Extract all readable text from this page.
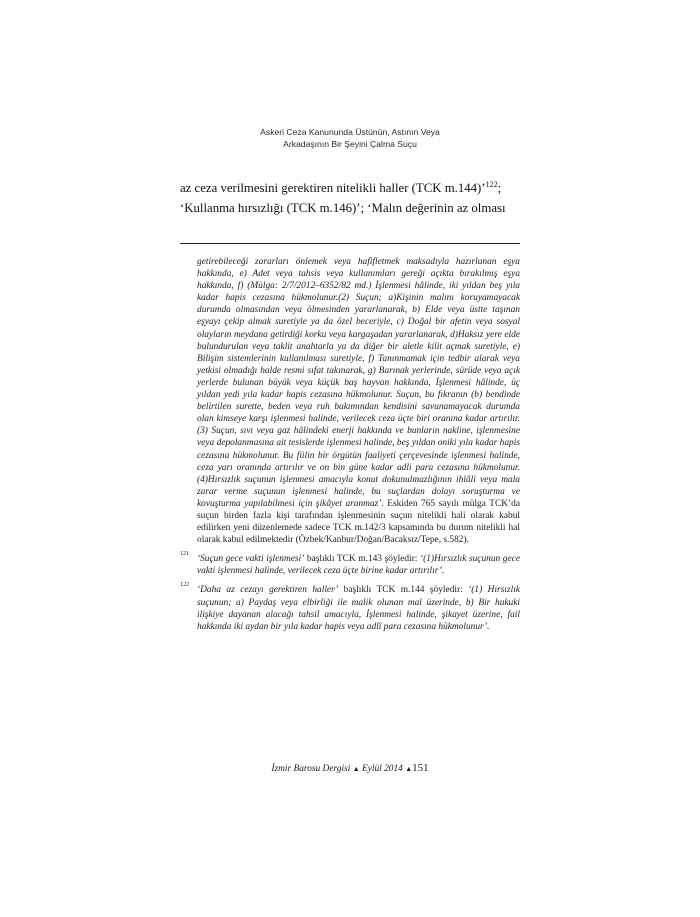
Askeri Ceza Kanununda Üstünün, Astının Veya
Arkadaşının Bir Şeyini Çalma Suçu
az ceza verilmesini gerektiren nitelikli haller (TCK m.144)’$^{122}$;
‘Kullanma hırsızlığı (TCK m.146)’; ‘Malın değerinin az olması
getirebileceği zararları önlemek veya hafifletmek maksadıyla hazırlanan eşya hakkında, e) Adet veya tahsis veya kullanımları gereği açıkta bırakılmış eşya hakkında, f) (Mülga: 2/7/2012–6352/82 md.) İşlenmesi hâlinde, iki yıldan beş yıla kadar hapis cezasına hükmolunur.(2) Suçun; a)Kişinin malını koruyamayacak durumda olmasından veya ölmesinden yararlanarak, b) Elde veya üstte taşınan eşyayı çekip almak suretiyle ya da özel beceriyle, c) Doğal bir afetin veya sosyal olayların meydana getirdiği korku veya kargaşadan yararlanarak, d)Haksız yere elde bulundurulan veya taklit anahtarla ya da diğer bir aletle kilit açmak suretiyle, e) Bilişim sistemlerinin kullanılması suretiyle, f) Tanınmamak için tedbir alarak veya yetkisi olmadığı halde resmi sıfat takınarak, g) Barınak yerlerinde, sürüde veya açık yerlerde bulunan büyük veya küçük baş hayvan hakkında, İşlenmesi hâlinde, üç yıldan yedi yıla kadar hapis cezasına hükmolunur. Suçun, bu fıkranın (b) bendinde belirtilen surette, beden veya ruh bakımından kendisini savunamayacak durumda olan kimseye karşı işlenmesi halinde, verilecek ceza üçte biri oranına kadar artırılır.(3) Suçun, sıvı veya gaz hâlindeki enerji hakkında ve bunların nakline, işlenmesine veya depolanmasına ait tesislerde işlenmesi halinde, beş yıldan oniki yıla kadar hapis cezasına hükmolunur. Bu fiilin bir örgütün faaliyeti çerçevesinde işlenmesi halinde, ceza yarı oranında artırılır ve on bin güne kadar adli para cezasına hükmolunur.(4)Hırsızlık suçunun işlenmesi amacıyla konut dokunulmazlığının ihlâli veya mala zarar verme suçunun işlenmesi halinde, bu suçlardan dolayı soruşturma ve kovuşturma yapılabilmesi için şikâyet aranmaz’. Eskiden 765 sayılı mülga TCK’da suçun birden fazla kişi tarafından işlenmesinin suçun nitelikli hali olarak kabul edilirken yeni düzenlemede sadece TCK m.142/3 kapsamında bu durum nitelikli hal olarak kabul edilmektedir (Özbek/Kanbur/Doğan/Bacaksız/Tepe, s.582).
121 ‘Suçun gece vakti işlenmesi’ başlıklı TCK m.143 şöyledir: ‘(1)Hırsızlık suçunun gece vakti işlenmesi halinde, verilecek ceza üçte birine kadar artırılır’.
122 ‘Daha az cezayı gerektiren haller’ başlıklı TCK m.144 şöyledir: ‘(1) Hırsızlık suçunun; a) Paydaş veya elbirliği ile malik olunan mal üzerinde, b) Bir hukuki ilişkiye dayanan alacağı tahsil amacıyla, İşlenmesi halinde, şikayet üzerine, fail hakkında iki aydan bir yıla kadar hapis veya adlî para cezasına hükmolunur’.
İzmir Barosu Dergisi ▲ Eylül 2014 ▲151
